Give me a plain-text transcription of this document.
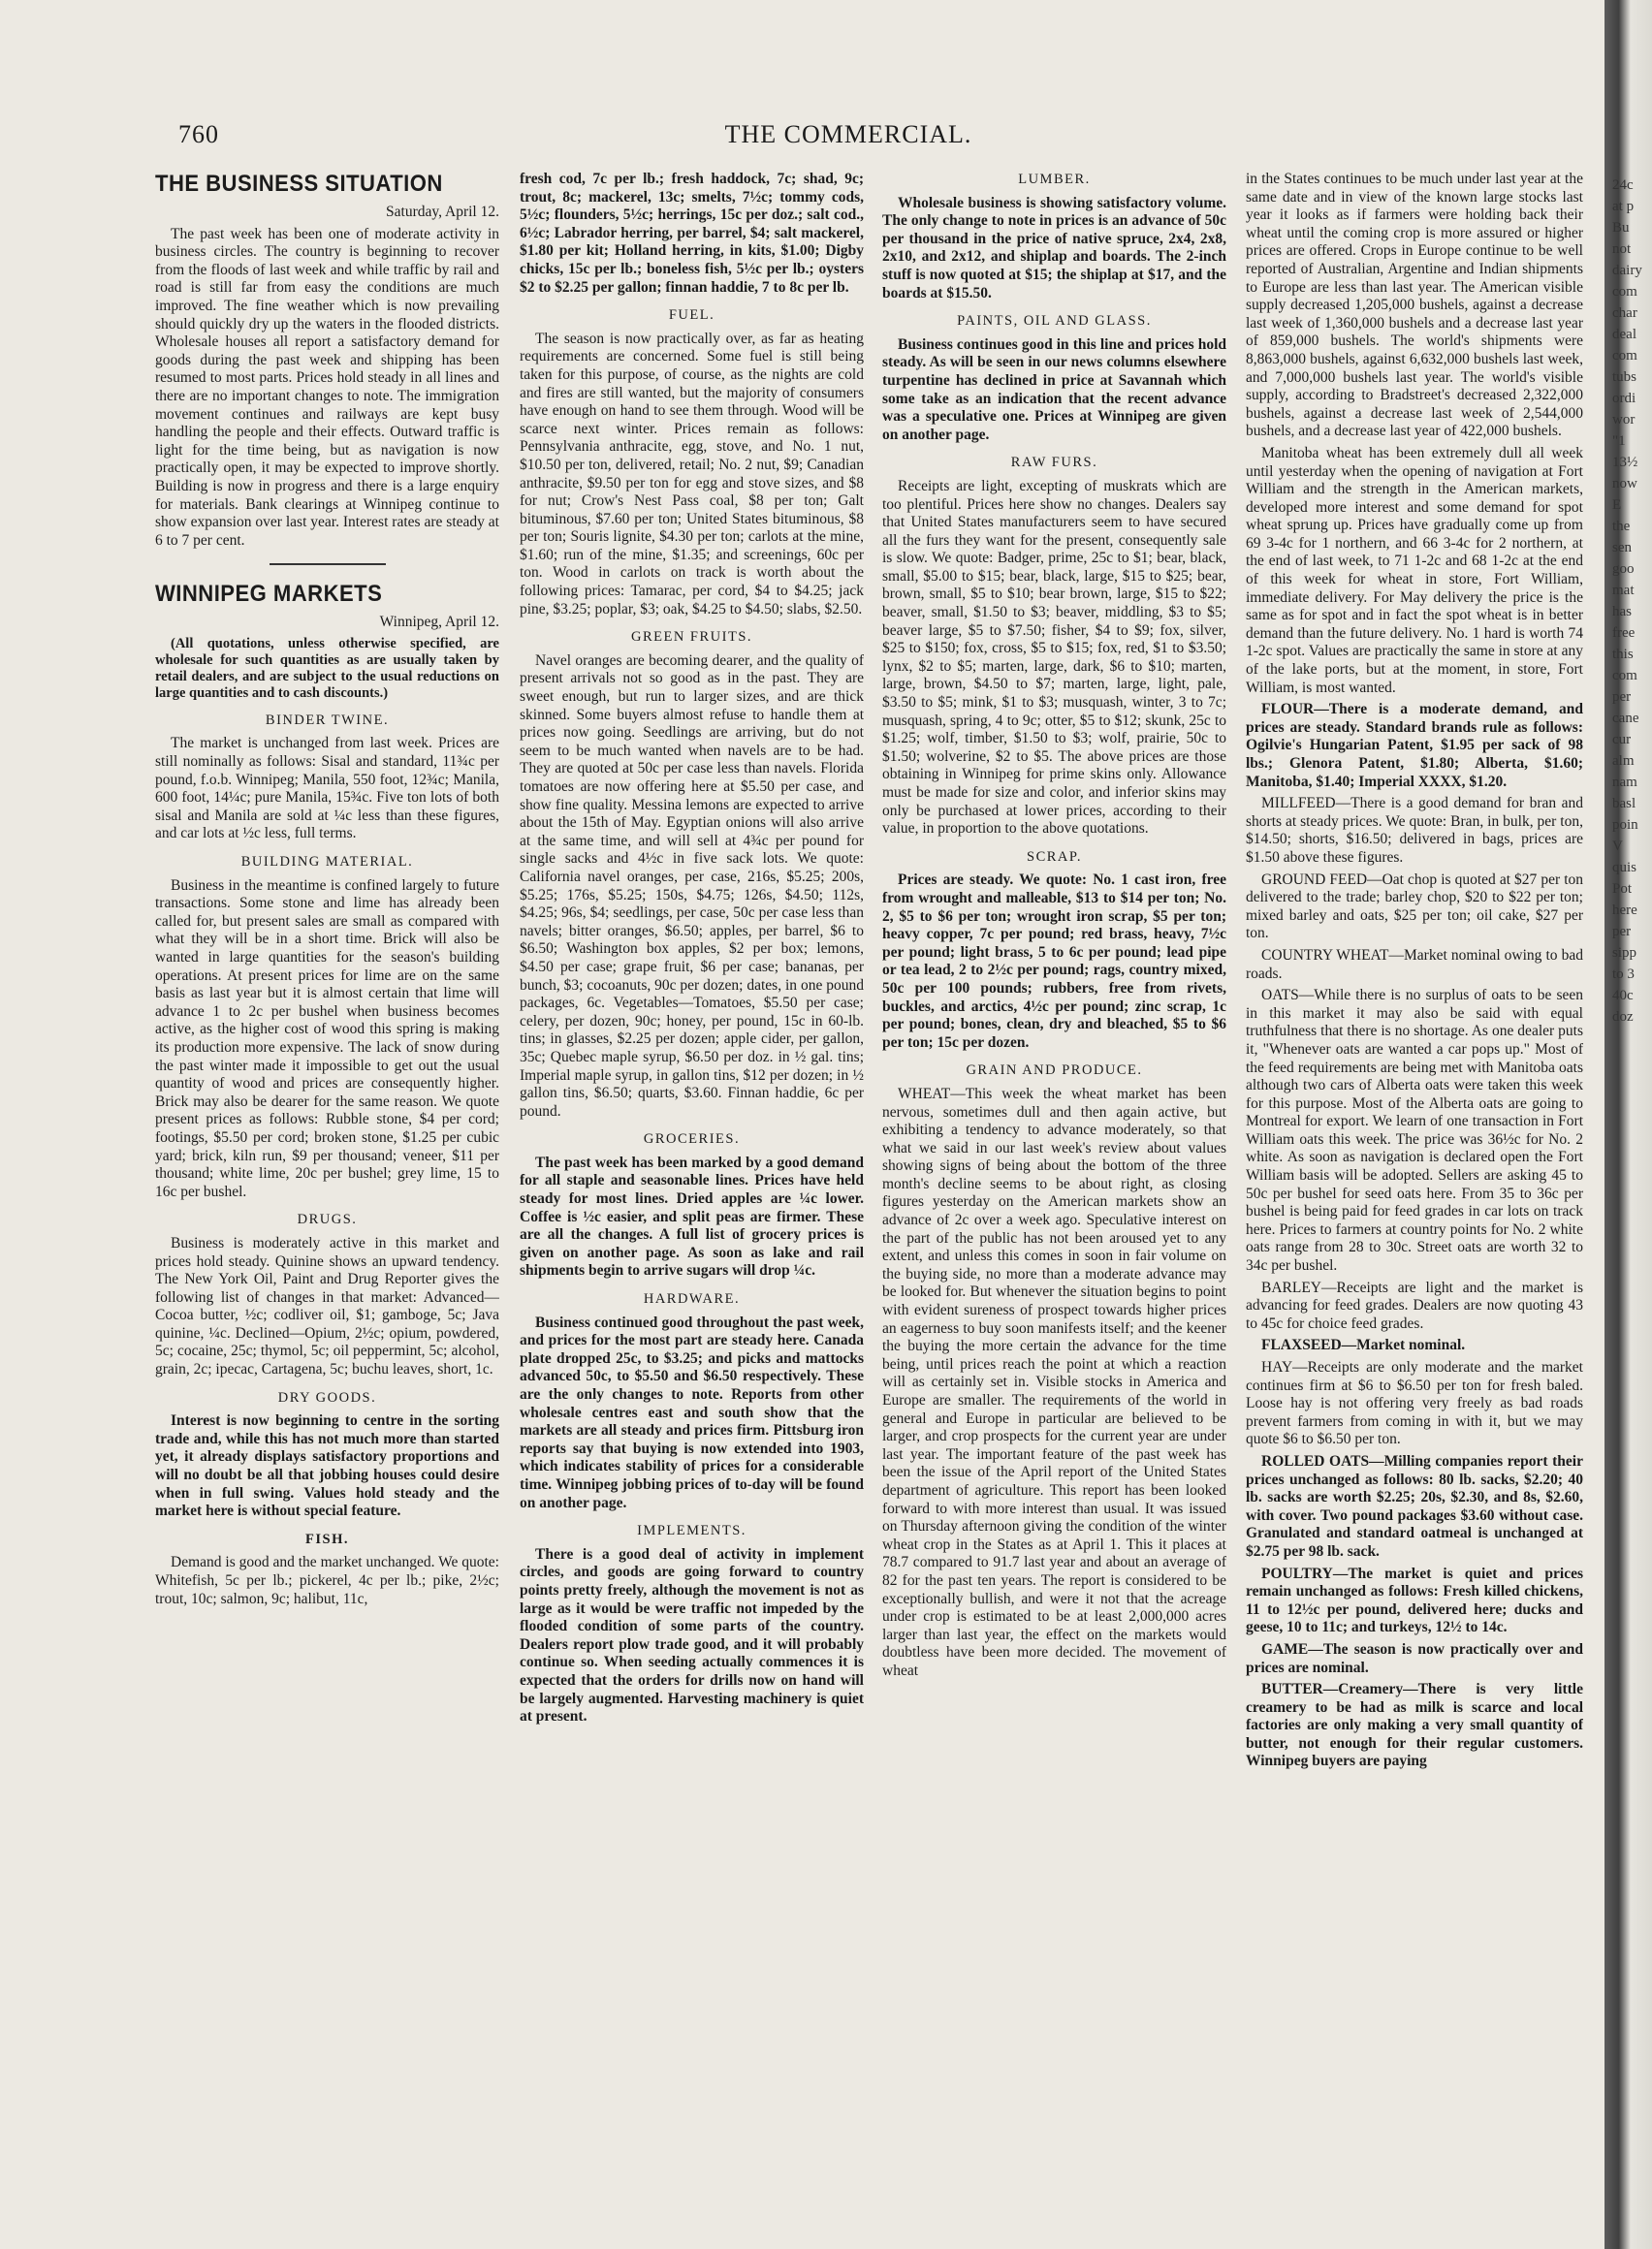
760	THE COMMERCIAL.
THE BUSINESS SITUATION
Saturday, April 12.

The past week has been one of moderate activity in business circles. The country is beginning to recover from the floods of last week and while traffic by rail and road is still far from easy the conditions are much improved. The fine weather which is now prevailing should quickly dry up the waters in the flooded districts. Wholesale houses all report a satisfactory demand for goods during the past week and shipping has been resumed to most parts. Prices hold steady in all lines and there are no important changes to note. The immigration movement continues and railways are kept busy handling the people and their effects. Outward traffic is light for the time being, but as navigation is now practically open, it may be expected to improve shortly. Building is now in progress and there is a large enquiry for materials. Bank clearings at Winnipeg continue to show expansion over last year. Interest rates are steady at 6 to 7 per cent.

WINNIPEG MARKETS
Winnipeg, April 12.

(All quotations, unless otherwise specified, are wholesale for such quantities as are usually taken by retail dealers, and are subject to the usual reductions on large quantities and to cash discounts.)

BINDER TWINE.

The market is unchanged from last week. Prices are still nominally as follows: Sisal and standard, 11¾c per pound, f.o.b. Winnipeg; Manila, 550 foot, 12¾c; Manila, 600 foot, 14¼c; pure Manila, 15¾c. Five ton lots of both sisal and Manila are sold at ¼c less than these figures, and car lots at ½c less, full terms.

BUILDING MATERIAL.

Business in the meantime is confined largely to future transactions. Some stone and lime has already been called for, but present sales are small as compared with what they will be in a short time. Brick will also be wanted in large quantities for the season's building operations. At present prices for lime are on the same basis as last year but it is almost certain that lime will advance 1 to 2c per bushel when business becomes active, as the higher cost of wood this spring is making its production more expensive. The lack of snow during the past winter made it impossible to get out the usual quantity of wood and prices are consequently higher. Brick may also be dearer for the same reason. We quote present prices as follows: Rubble stone, $4 per cord; footings, $5.50 per cord; broken stone, $1.25 per cubic yard; brick, kiln run, $9 per thousand; veneer, $11 per thousand; white lime, 20c per bushel; grey lime, 15 to 16c per bushel.

DRUGS.

Business is moderately active in this market and prices hold steady. Quinine shows an upward tendency. The New York Oil, Paint and Drug Reporter gives the following list of changes in that market: Advanced—Cocoa butter, ½c; codliver oil, $1; gamboge, 5c; Java quinine, ¼c. Declined—Opium, 2½c; opium, powdered, 5c; cocaine, 25c; thymol, 5c; oil peppermint, 5c; alcohol, grain, 2c; ipecac, Cartagena, 5c; buchu leaves, short, 1c.

DRY GOODS.

Interest is now beginning to centre in the sorting trade and, while this has not much more than started yet, it already displays satisfactory proportions and will no doubt be all that jobbing houses could desire when in full swing. Values hold steady and the market here is without special feature.

FISH.

Demand is good and the market unchanged. We quote: Whitefish, 5c per lb.; pickerel, 4c per lb.; pike, 2½c; trout, 10c; salmon, 9c; halibut, 11c,

fresh cod, 7c per lb.; fresh haddock, 7c; shad, 9c; trout, 8c; mackerel, 13c; smelts, 7½c; tommy cods, 5½c; flounders, 5½c; herrings, 15c per doz.; salt cod., 6½c; Labrador herring, per barrel, $4; salt mackerel, $1.80 per kit; Holland herring, in kits, $1.00; Digby chicks, 15c per lb.; boneless fish, 5½c per lb.; oysters $2 to $2.25 per gallon; finnan haddie, 7 to 8c per lb.

FUEL.

The season is now practically over, as far as heating requirements are concerned. Some fuel is still being taken for this purpose, of course, as the nights are cold and fires are still wanted, but the majority of consumers have enough on hand to see them through. Wood will be scarce next winter. Prices remain as follows: Pennsylvania anthracite, egg, stove, and No. 1 nut, $10.50 per ton, delivered, retail; No. 2 nut, $9; Canadian anthracite, $9.50 per ton for egg and stove sizes, and $8 for nut; Crow's Nest Pass coal, $8 per ton; Galt bituminous, $7.60 per ton; United States bituminous, $8 per ton; Souris lignite, $4.30 per ton; carlots at the mine, $1.60; run of the mine, $1.35; and screenings, 60c per ton. Wood in carlots on track is worth about the following prices: Tamarac, per cord, $4 to $4.25; jack pine, $3.25; poplar, $3; oak, $4.25 to $4.50; slabs, $2.50.

GREEN FRUITS.

Navel oranges are becoming dearer, and the quality of present arrivals not so good as in the past. They are sweet enough, but run to larger sizes, and are thick skinned. Some buyers almost refuse to handle them at prices now going. Seedlings are arriving, but do not seem to be much wanted when navels are to be had. They are quoted at 50c per case less than navels. Florida tomatoes are now offering here at $5.50 per case, and show fine quality. Messina lemons are expected to arrive about the 15th of May. Egyptian onions will also arrive at the same time, and will sell at 4¾c per pound for single sacks and 4½c in five sack lots. We quote: California navel oranges, per case, 216s, $5.25; 200s, $5.25; 176s, $5.25; 150s, $4.75; 126s, $4.50; 112s, $4.25; 96s, $4; seedlings, per case, 50c per case less than navels; bitter oranges, $6.50; apples, per barrel, $6 to $6.50; Washington box apples, $2 per box; lemons, $4.50 per case; grape fruit, $6 per case; bananas, per bunch, $3; cocoanuts, 90c per dozen; dates, in one pound packages, 6c. Vegetables—Tomatoes, $5.50 per case; celery, per dozen, 90c; honey, per pound, 15c in 60-lb. tins; in glasses, $2.25 per dozen; apple cider, per gallon, 35c; Quebec maple syrup, $6.50 per doz. in ½ gal. tins; Imperial maple syrup, in gallon tins, $12 per dozen; in ½ gallon tins, $6.50; quarts, $3.60. Finnan haddie, 6c per pound.

GROCERIES.

The past week has been marked by a good demand for all staple and seasonable lines. Prices have held steady for most lines. Dried apples are ¼c lower. Coffee is ½c easier, and split peas are firmer. These are all the changes. A full list of grocery prices is given on another page. As soon as lake and rail shipments begin to arrive sugars will drop ¼c.

HARDWARE.

Business continued good throughout the past week, and prices for the most part are steady here. Canada plate dropped 25c, to $3.25; and picks and mattocks advanced 50c, to $5.50 and $6.50 respectively. These are the only changes to note. Reports from other wholesale centres east and south show that the markets are all steady and prices firm. Pittsburg iron reports say that buying is now extended into 1903, which indicates stability of prices for a considerable time. Winnipeg jobbing prices of to-day will be found on another page.

IMPLEMENTS.

There is a good deal of activity in implement circles, and goods are going forward to country points pretty freely, although the movement is not as large as it would be were traffic not impeded by the flooded condition of some parts of the country. Dealers report plow trade good, and it will probably continue so. When seeding actually commences it is expected that the orders for drills now on hand will be largely augmented. Harvesting machinery is quiet at present.

LUMBER.

Wholesale business is showing satisfactory volume. The only change to note in prices is an advance of 50c per thousand in the price of native spruce, 2x4, 2x8, 2x10, and 2x12, and shiplap and boards. The 2-inch stuff is now quoted at $15; the shiplap at $17, and the boards at $15.50.

PAINTS, OIL AND GLASS.

Business continues good in this line and prices hold steady. As will be seen in our news columns elsewhere turpentine has declined in price at Savannah which some take as an indication that the recent advance was a speculative one. Prices at Winnipeg are given on another page.

RAW FURS.

Receipts are light, excepting of muskrats which are too plentiful. Prices here show no changes. Dealers say that United States manufacturers seem to have secured all the furs they want for the present, consequently sale is slow. We quote: Badger, prime, 25c to $1; bear, black, small, $5.00 to $15; bear, black, large, $15 to $25; bear, brown, small, $5 to $10; bear brown, large, $15 to $22; beaver, small, $1.50 to $3; beaver, middling, $3 to $5; beaver large, $5 to $7.50; fisher, $4 to $9; fox, silver, $25 to $150; fox, cross, $5 to $15; fox, red, $1 to $3.50; lynx, $2 to $5; marten, large, dark, $6 to $10; marten, large, brown, $4.50 to $7; marten, large, light, pale, $3.50 to $5; mink, $1 to $3; musquash, winter, 3 to 7c; musquash, spring, 4 to 9c; otter, $5 to $12; skunk, 25c to $1.25; wolf, timber, $1.50 to $3; wolf, prairie, 50c to $1.50; wolverine, $2 to $5. The above prices are those obtaining in Winnipeg for prime skins only. Allowance must be made for size and color, and inferior skins may only be purchased at lower prices, according to their value, in proportion to the above quotations.

SCRAP.

Prices are steady. We quote: No. 1 cast iron, free from wrought and malleable, $13 to $14 per ton; No. 2, $5 to $6 per ton; wrought iron scrap, $5 per ton; heavy copper, 7c per pound; red brass, heavy, 7½c per pound; light brass, 5 to 6c per pound; lead pipe or tea lead, 2 to 2½c per pound; rags, country mixed, 50c per 100 pounds; rubbers, free from rivets, buckles, and arctics, 4½c per pound; zinc scrap, 1c per pound; bones, clean, dry and bleached, $5 to $6 per ton; 15c per dozen.

GRAIN AND PRODUCE.

WHEAT—This week the wheat market has been nervous, sometimes dull and then again active, but exhibiting a tendency to advance moderately, so that what we said in our last week's review about values showing signs of being about the bottom of the three month's decline seems to be about right, as closing figures yesterday on the American markets show an advance of 2c over a week ago. Speculative interest on the part of the public has not been aroused yet to any extent, and unless this comes in soon in fair volume on the buying side, no more than a moderate advance may be looked for. But whenever the situation begins to point with evident sureness of prospect towards higher prices an eagerness to buy soon manifests itself; and the keener the buying the more certain the advance for the time being, until prices reach the point at which a reaction will as certainly set in. Visible stocks in America and Europe are smaller. The requirements of the world in general and Europe in particular are believed to be larger, and crop prospects for the current year are under last year. The important feature of the past week has been the issue of the April report of the United States department of agriculture. This report has been looked forward to with more interest than usual. It was issued on Thursday afternoon giving the condition of the winter wheat crop in the States as at April 1. This it places at 78.7 compared to 91.7 last year and about an average of 82 for the past ten years. The report is considered to be exceptionally bullish, and were it not that the acreage under crop is estimated to be at least 2,000,000 acres larger than last year, the effect on the markets would doubtless have been more decided. The movement of wheat

in the States continues to be much under last year at the same date and in view of the known large stocks last year it looks as if farmers were holding back their wheat until the coming crop is more assured or higher prices are offered. Crops in Europe continue to be well reported of Australian, Argentine and Indian shipments to Europe are less than last year. The American visible supply decreased 1,205,000 bushels, against a decrease last week of 1,360,000 bushels and a decrease last year of 859,000 bushels. The world's shipments were 8,863,000 bushels, against 6,632,000 bushels last week, and 7,000,000 bushels last year. The world's visible supply, according to Bradstreet's decreased 2,322,000 bushels, against a decrease last week of 2,544,000 bushels, and a decrease last year of 422,000 bushels.

Manitoba wheat has been extremely dull all week until yesterday when the opening of navigation at Fort William and the strength in the American markets, developed more interest and some demand for spot wheat sprung up. Prices have gradually come up from 69 3-4c for 1 northern, and 66 3-4c for 2 northern, at the end of last week, to 71 1-2c and 68 1-2c at the end of this week for wheat in store, Fort William, immediate delivery. For May delivery the price is the same as for spot and in fact the spot wheat is in better demand than the future delivery. No. 1 hard is worth 74 1-2c spot. Values are practically the same in store at any of the lake ports, but at the moment, in store, Fort William, is most wanted.

FLOUR—There is a moderate demand, and prices are steady. Standard brands rule as follows: Ogilvie's Hungarian Patent, $1.95 per sack of 98 lbs.; Glenora Patent, $1.80; Alberta, $1.60; Manitoba, $1.40; Imperial XXXX, $1.20.

MILLFEED—There is a good demand for bran and shorts at steady prices. We quote: Bran, in bulk, per ton, $14.50; shorts, $16.50; delivered in bags, prices are $1.50 above these figures.

GROUND FEED—Oat chop is quoted at $27 per ton delivered to the trade; barley chop, $20 to $22 per ton; mixed barley and oats, $25 per ton; oil cake, $27 per ton.

COUNTRY WHEAT—Market nominal owing to bad roads.

OATS—While there is no surplus of oats to be seen in this market it may also be said with equal truthfulness that there is no shortage. As one dealer puts it, "Whenever oats are wanted a car pops up." Most of the feed requirements are being met with Manitoba oats although two cars of Alberta oats were taken this week for this purpose. Most of the Alberta oats are going to Montreal for export. We learn of one transaction in Fort William oats this week. The price was 36½c for No. 2 white. As soon as navigation is declared open the Fort William basis will be adopted. Sellers are asking 45 to 50c per bushel for seed oats here. From 35 to 36c per bushel is being paid for feed grades in car lots on track here. Prices to farmers at country points for No. 2 white oats range from 28 to 30c. Street oats are worth 32 to 34c per bushel.

BARLEY—Receipts are light and the market is advancing for feed grades. Dealers are now quoting 43 to 45c for choice feed grades.

FLAXSEED—Market nominal.

HAY—Receipts are only moderate and the market continues firm at $6 to $6.50 per ton for fresh baled. Loose hay is not offering very freely as bad roads prevent farmers from coming in with it, but we may quote $6 to $6.50 per ton.

ROLLED OATS—Milling companies report their prices unchanged as follows: 80 lb. sacks, $2.20; 40 lb. sacks are worth $2.25; 20s, $2.30, and 8s, $2.60, with cover. Two pound packages $3.60 without case. Granulated and standard oatmeal is unchanged at $2.75 per 98 lb. sack.

POULTRY—The market is quiet and prices remain unchanged as follows: Fresh killed chickens, 11 to 12½c per pound, delivered here; ducks and geese, 10 to 11c; and turkeys, 12½ to 14c.

GAME—The season is now practically over and prices are nominal.

BUTTER—Creamery—There is very little creamery to be had as milk is scarce and local factories are only making a very small quantity of butter, not enough for their regular customers. Winnipeg buyers are paying

24c
at p
Bu
not
dairy
com
char
deal
com
tubs
ordi
wor
"1
13½
now
E
the
sen
goo
mat
has
free
this
com
per
cane
cur
alm
nam
basl
poin
V
quis
Pot
here
per
sipp
to 3
40c
doz
